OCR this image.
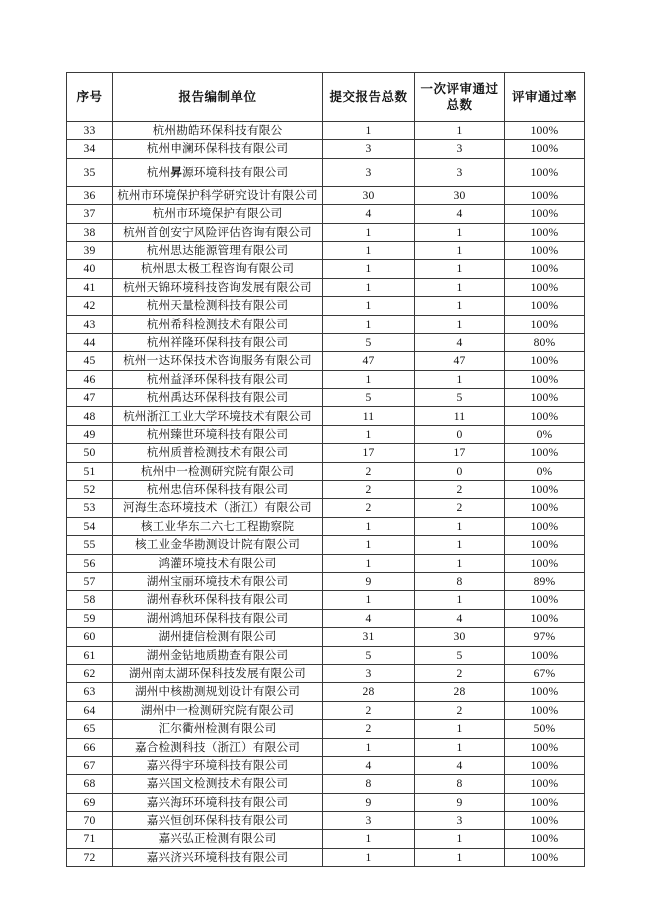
序号	报告编制单位	提交报告总数	一次评审通过总数	评审通过率
33	杭州勘皓环保科技有限公	1	1	100%
34	杭州申澜环保科技有限公司	3	3	100%
35	杭州昇源环境科技有限公司	3	3	100%
36	杭州市环境保护科学研究设计有限公司	30	30	100%
37	杭州市环境保护有限公司	4	4	100%
38	杭州首创安宁风险评估咨询有限公司	1	1	100%
39	杭州思达能源管理有限公司	1	1	100%
40	杭州思太极工程咨询有限公司	1	1	100%
41	杭州天锦环境科技咨询发展有限公司	1	1	100%
42	杭州天量检测科技有限公司	1	1	100%
43	杭州希科检测技术有限公司	1	1	100%
44	杭州祥隆环保科技有限公司	5	4	80%
45	杭州一达环保技术咨询服务有限公司	47	47	100%
46	杭州益泽环保科技有限公司	1	1	100%
47	杭州禹达环保科技有限公司	5	5	100%
48	杭州浙江工业大学环境技术有限公司	11	11	100%
49	杭州臻世环境科技有限公司	1	0	0%
50	杭州质普检测技术有限公司	17	17	100%
51	杭州中一检测研究院有限公司	2	0	0%
52	杭州忠信环保科技有限公司	2	2	100%
53	河海生态环境技术（浙江）有限公司	2	2	100%
54	核工业华东二六七工程勘察院	1	1	100%
55	核工业金华勘测设计院有限公司	1	1	100%
56	鸿灌环境技术有限公司	1	1	100%
57	湖州宝丽环境技术有限公司	9	8	89%
58	湖州春秋环保科技有限公司	1	1	100%
59	湖州鸿旭环保科技有限公司	4	4	100%
60	湖州捷信检测有限公司	31	30	97%
61	湖州金钻地质勘查有限公司	5	5	100%
62	湖州南太湖环保科技发展有限公司	3	2	67%
63	湖州中核勘测规划设计有限公司	28	28	100%
64	湖州中一检测研究院有限公司	2	2	100%
65	汇尔衢州检测有限公司	2	1	50%
66	嘉合检测科技（浙江）有限公司	1	1	100%
67	嘉兴得宇环境科技有限公司	4	4	100%
68	嘉兴国文检测技术有限公司	8	8	100%
69	嘉兴海环环境科技有限公司	9	9	100%
70	嘉兴恒创环保科技有限公司	3	3	100%
71	嘉兴弘正检测有限公司	1	1	100%
72	嘉兴济兴环境科技有限公司	1	1	100%
